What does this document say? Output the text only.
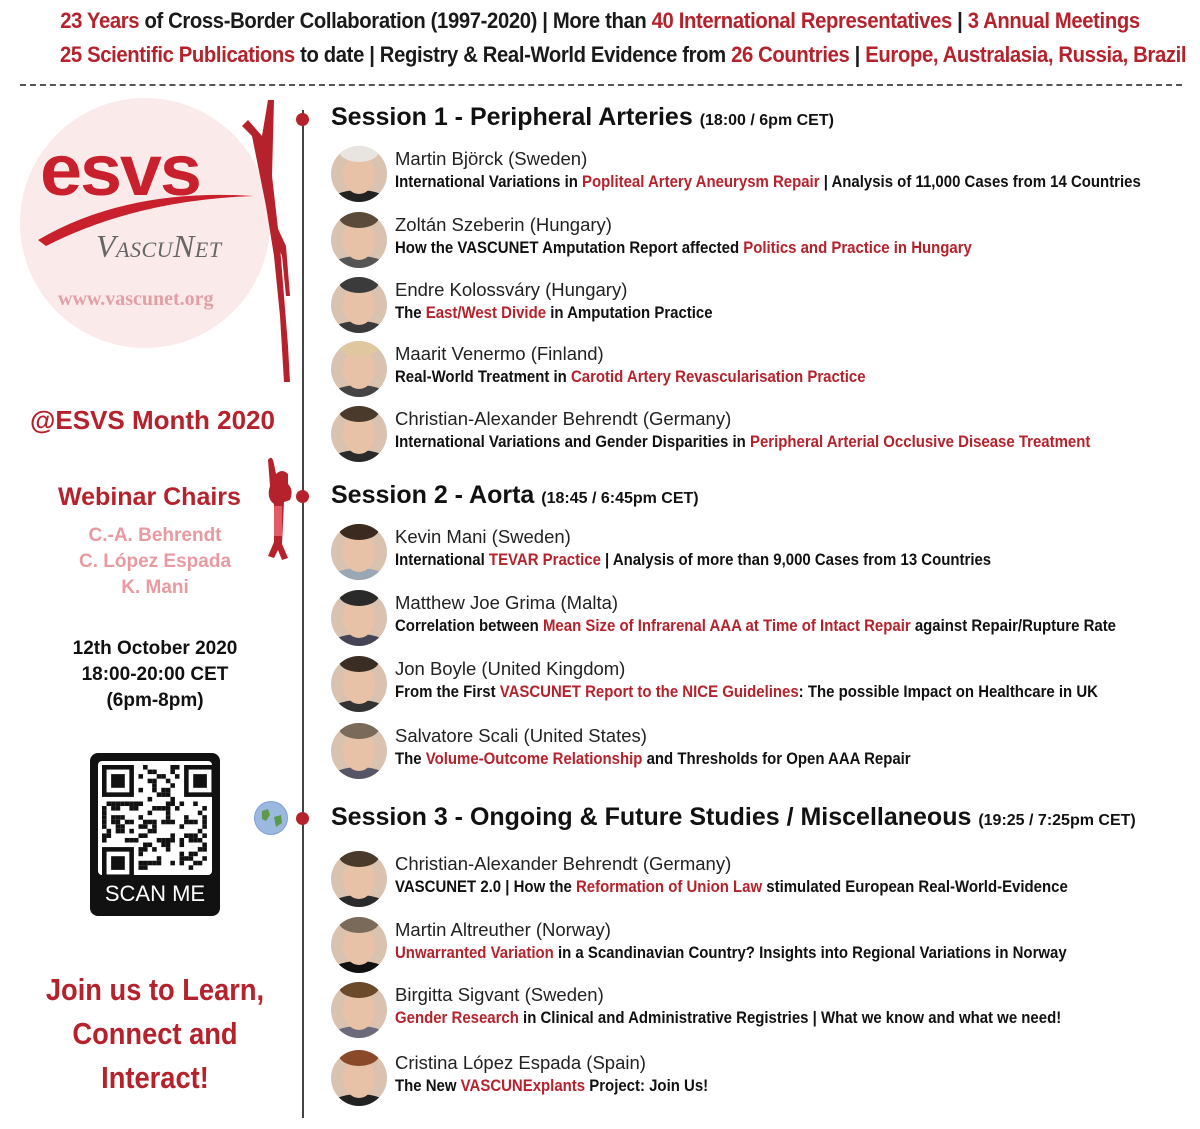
23 Years of Cross-Border Collaboration (1997-2020) | More than 40 International Representatives | 3 Annual Meetings
25 Scientific Publications to date | Registry & Real-World Evidence from 26 Countries | Europe, Australasia, Russia, Brazil
esvs
VascuNet
www.vascunet.org
@ESVS Month 2020
Webinar Chairs
C.-A. Behrendt
C. López Espada
K. Mani
12th October 2020
18:00-20:00 CET
(6pm-8pm)
SCAN ME
Join us to Learn,
Connect and Interact!
Session 1 - Peripheral Arteries (18:00 / 6pm CET)
Martin Björck (Sweden)
International Variations in Popliteal Artery Aneurysm Repair | Analysis of 11,000 Cases from 14 Countries
Zoltán Szeberin (Hungary)
How the VASCUNET Amputation Report affected Politics and Practice in Hungary
Endre Kolossváry (Hungary)
The East/West Divide in Amputation Practice
Maarit Venermo (Finland)
Real-World Treatment in Carotid Artery Revascularisation Practice
Christian-Alexander Behrendt (Germany)
International Variations and Gender Disparities in Peripheral Arterial Occlusive Disease Treatment
Session 2 - Aorta (18:45 / 6:45pm CET)
Kevin Mani (Sweden)
International TEVAR Practice | Analysis of more than 9,000 Cases from 13 Countries
Matthew Joe Grima (Malta)
Correlation between Mean Size of Infrarenal AAA at Time of Intact Repair against Repair/Rupture Rate
Jon Boyle (United Kingdom)
From the First VASCUNET Report to the NICE Guidelines: The possible Impact on Healthcare in UK
Salvatore Scali (United States)
The Volume-Outcome Relationship and Thresholds for Open AAA Repair
Session 3 - Ongoing & Future Studies / Miscellaneous (19:25 / 7:25pm CET)
Christian-Alexander Behrendt (Germany)
VASCUNET 2.0 | How the Reformation of Union Law stimulated European Real-World-Evidence
Martin Altreuther (Norway)
Unwarranted Variation in a Scandinavian Country? Insights into Regional Variations in Norway
Birgitta Sigvant (Sweden)
Gender Research in Clinical and Administrative Registries | What we know and what we need!
Cristina López Espada (Spain)
The New VASCUNExplants Project: Join Us!
